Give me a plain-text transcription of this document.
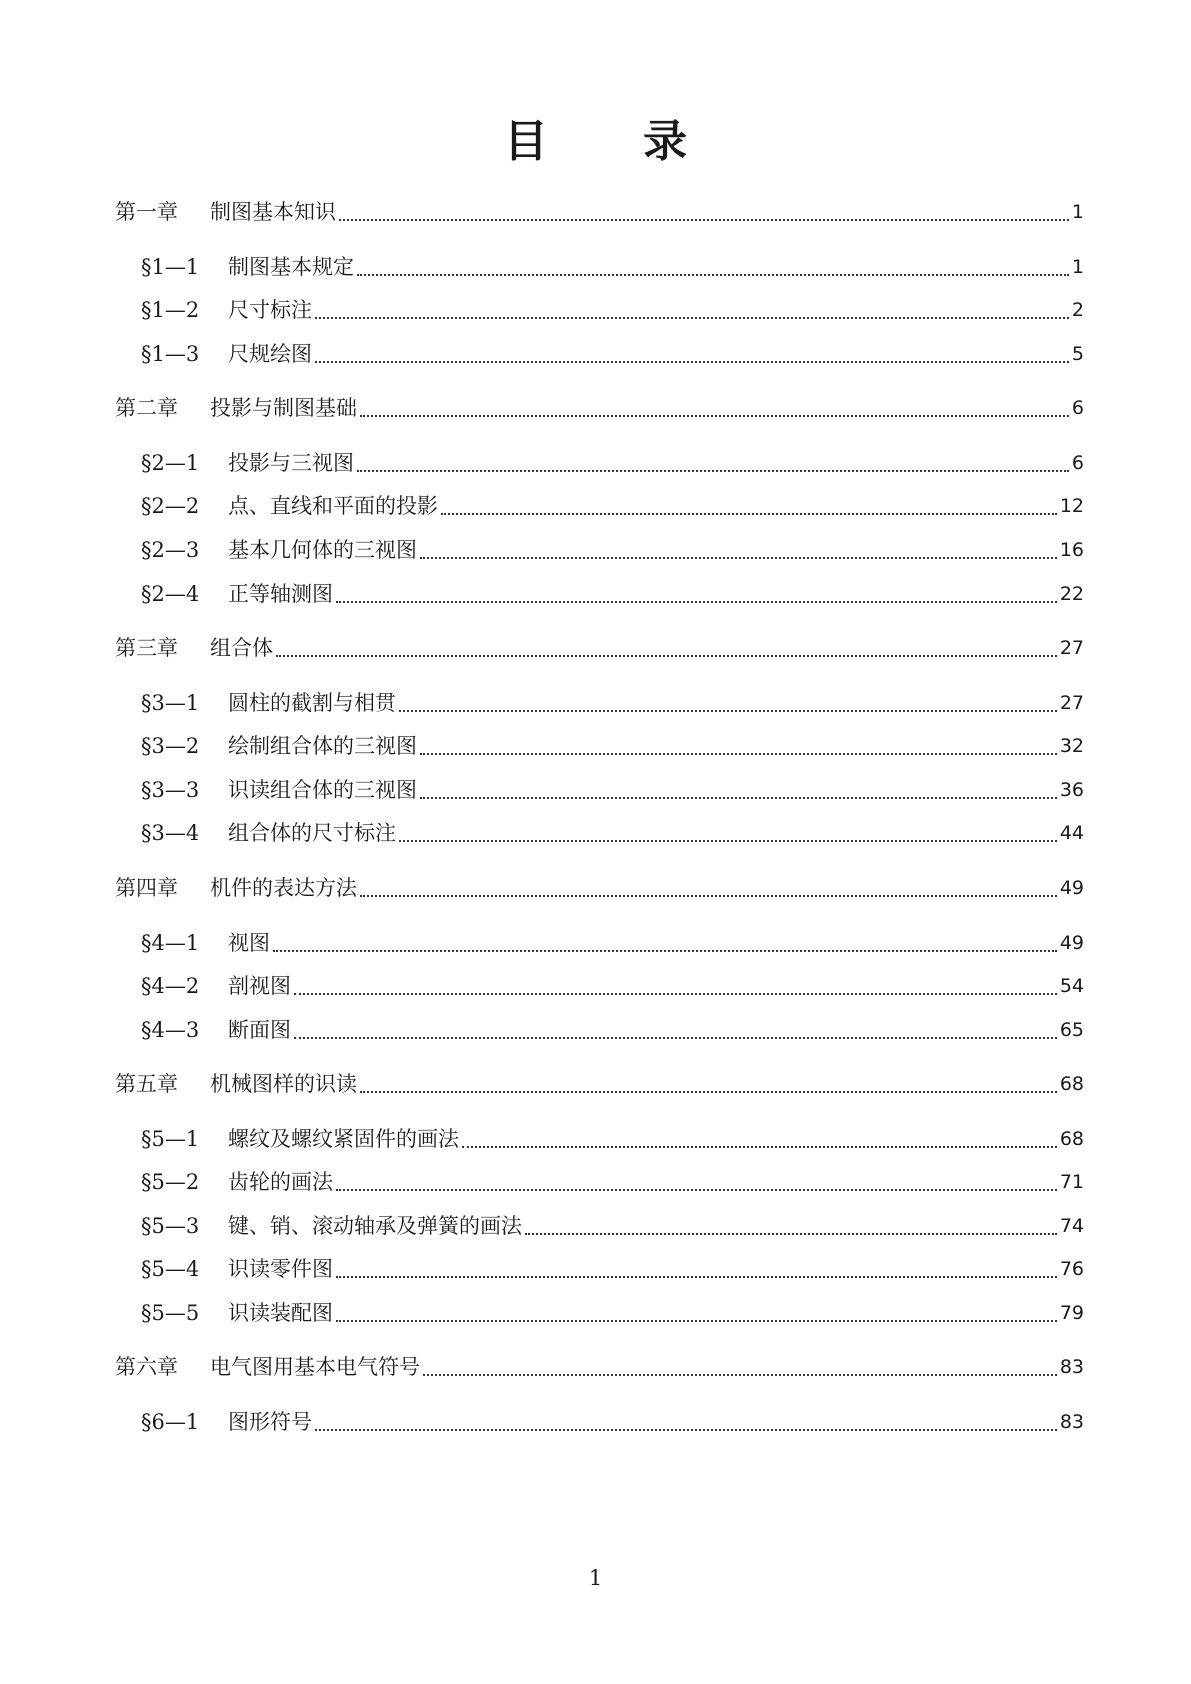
目 录
第一章	制图基本知识	1
§1—1	制图基本规定	1
§1—2	尺寸标注	2
§1—3	尺规绘图	5
第二章	投影与制图基础	6
§2—1	投影与三视图	6
§2—2	点、直线和平面的投影	12
§2—3	基本几何体的三视图	16
§2—4	正等轴测图	22
第三章	组合体	27
§3—1	圆柱的截割与相贯	27
§3—2	绘制组合体的三视图	32
§3—3	识读组合体的三视图	36
§3—4	组合体的尺寸标注	44
第四章	机件的表达方法	49
§4—1	视图	49
§4—2	剖视图	54
§4—3	断面图	65
第五章	机械图样的识读	68
§5—1	螺纹及螺纹紧固件的画法	68
§5—2	齿轮的画法	71
§5—3	键、销、滚动轴承及弹簧的画法	74
§5—4	识读零件图	76
§5—5	识读装配图	79
第六章	电气图用基本电气符号	83
§6—1	图形符号	83
1
